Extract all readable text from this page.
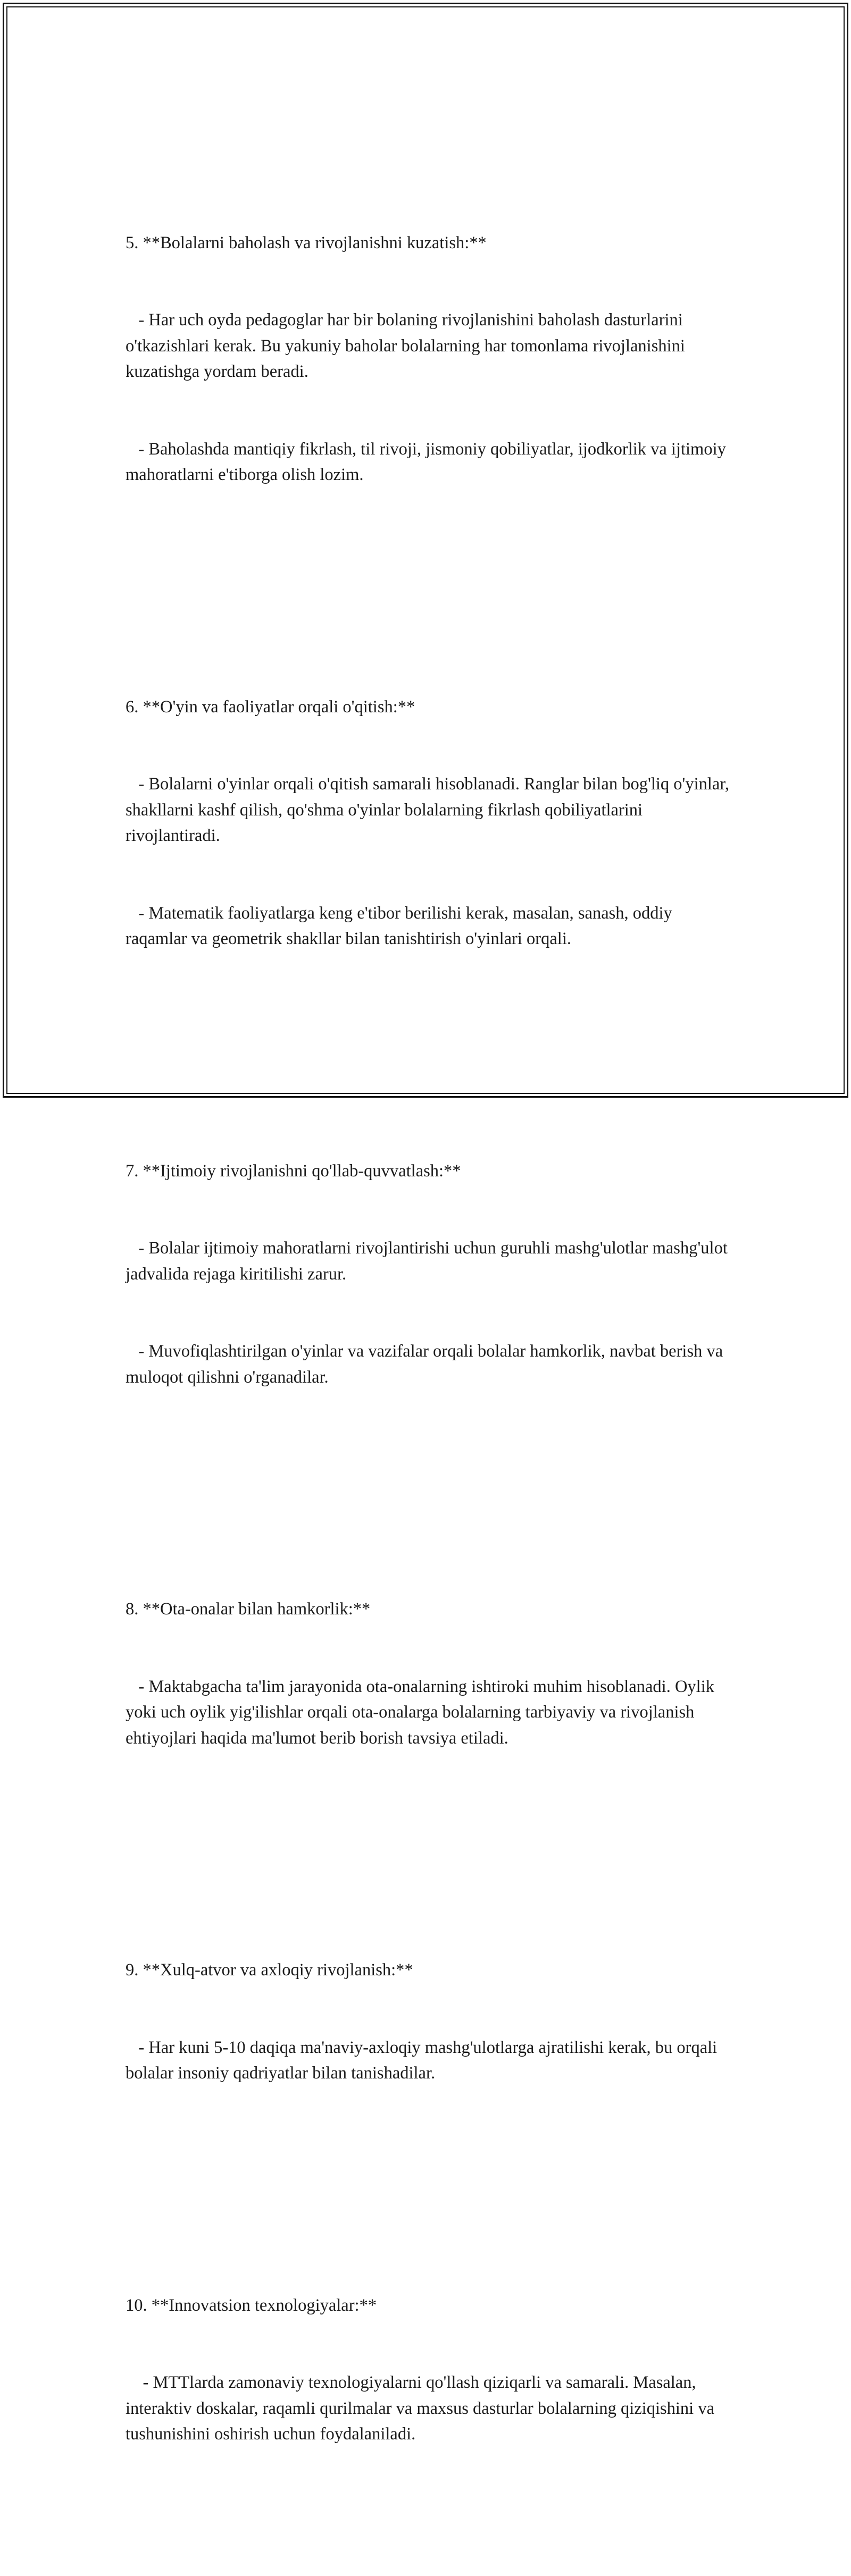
5. **Bolalarni baholash va rivojlanishni kuzatish:**

- Har uch oyda pedagoglar har bir bolaning rivojlanishini baholash dasturlarini o'tkazishlari kerak. Bu yakuniy baholar bolalarning har tomonlama rivojlanishini kuzatishga yordam beradi.

- Baholashda mantiqiy fikrlash, til rivoji, jismoniy qobiliyatlar, ijodkorlik va ijtimoiy mahoratlarni e'tiborga olish lozim.

6. **O'yin va faoliyatlar orqali o'qitish:**

- Bolalarni o'yinlar orqali o'qitish samarali hisoblanadi. Ranglar bilan bog'liq o'yinlar, shakllarni kashf qilish, qo'shma o'yinlar bolalarning fikrlash qobiliyatlarini rivojlantiradi.

- Matematik faoliyatlarga keng e'tibor berilishi kerak, masalan, sanash, oddiy raqamlar va geometrik shakllar bilan tanishtirish o'yinlari orqali.

7. **Ijtimoiy rivojlanishni qo'llab-quvvatlash:**

- Bolalar ijtimoiy mahoratlarni rivojlantirishi uchun guruhli mashg'ulotlar mashg'ulot jadvalida rejaga kiritilishi zarur.

- Muvofiqlashtirilgan o'yinlar va vazifalar orqali bolalar hamkorlik, navbat berish va muloqot qilishni o'rganadilar.

8. **Ota-onalar bilan hamkorlik:**

- Maktabgacha ta'lim jarayonida ota-onalarning ishtiroki muhim hisoblanadi. Oylik yoki uch oylik yig'ilishlar orqali ota-onalarga bolalarning tarbiyaviy va rivojlanish ehtiyojlari haqida ma'lumot berib borish tavsiya etiladi.

9. **Xulq-atvor va axloqiy rivojlanish:**

- Har kuni 5-10 daqiqa ma'naviy-axloqiy mashg'ulotlarga ajratilishi kerak, bu orqali bolalar insoniy qadriyatlar bilan tanishadilar.

10. **Innovatsion texnologiyalar:**

- MTTlarda zamonaviy texnologiyalarni qo'llash qiziqarli va samarali. Masalan, interaktiv doskalar, raqamli qurilmalar va maxsus dasturlar bolalarning qiziqishini va tushunishini oshirish uchun foydalaniladi.
